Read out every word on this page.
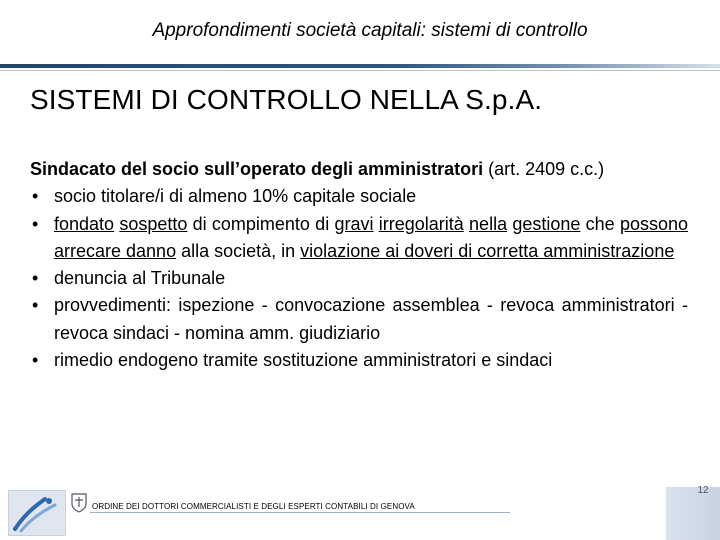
Approfondimenti società capitali: sistemi di controllo
SISTEMI DI CONTROLLO NELLA S.p.A.
Sindacato del socio sull’operato degli amministratori (art. 2409 c.c.)
• socio titolare/i di almeno 10% capitale sociale
• fondato sospetto di compimento di gravi irregolarità nella gestione che possono arrecare danno alla società, in violazione ai doveri di corretta amministrazione
• denuncia al Tribunale
• provvedimenti: ispezione - convocazione assemblea - revoca amministratori - revoca sindaci - nomina amm. giudiziario
• rimedio endogeno tramite sostituzione amministratori e sindaci
ORDINE DEI DOTTORI COMMERCIALISTI E DEGLI ESPERTI CONTABILI DI GENOVA
12
